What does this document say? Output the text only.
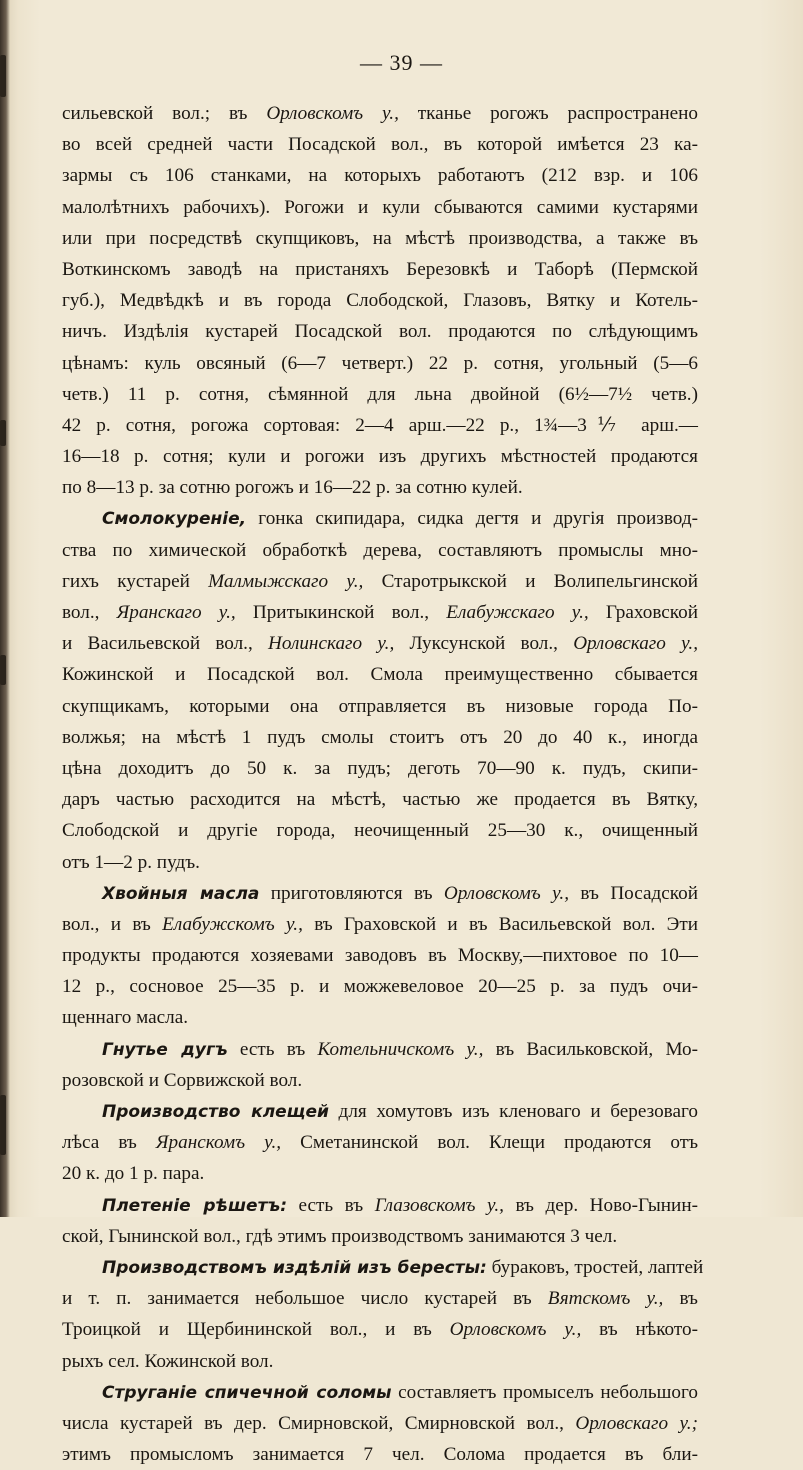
— 39 —
сильевской вол.; въ Орловскомъ у., тканье рогожъ распространено
во всей средней части Посадской вол., въ которой имѣется 23 ка-
зармы съ 106 станками, на которыхъ работаютъ (212 взр. и 106
малолѣтнихъ рабочихъ). Рогожи и кули сбываются самими кустарями
или при посредствѣ скупщиковъ, на мѣстѣ производства, а также въ
Воткинскомъ заводѣ на пристаняхъ Березовкѣ и Таборѣ (Пермской
губ.), Медвѣдкѣ и въ города Слободской, Глазовъ, Вятку и Котель-
ничъ. Издѣлія кустарей Посадской вол. продаются по слѣдующимъ
цѣнамъ: куль овсяный (6—7 четверт.) 22 р. сотня, угольный (5—6
четв.) 11 р. сотня, сѣмянной для льна двойной (6½—7½ четв.)
42 р. сотня, рогожа сортовая: 2—4 арш.—22 р., 1¾—3⅐ арш.—
16—18 р. сотня; кули и рогожи изъ другихъ мѣстностей продаются
по 8—13 р. за сотню рогожъ и 16—22 р. за сотню кулей.
Смолокуреніе, гонка скипидара, сидка дегтя и другія производ-
ства по химической обработкѣ дерева, составляютъ промыслы мно-
гихъ кустарей Малмыжскаго у., Старотрыкской и Волипельгинской
вол., Яранскаго у., Притыкинской вол., Елабужскаго у., Граховской
и Васильевской вол., Нолинскаго у., Луксунской вол., Орловскаго у.,
Кожинской и Посадской вол. Смола преимущественно сбывается
скупщикамъ, которыми она отправляется въ низовые города По-
волжья; на мѣстѣ 1 пудъ смолы стоитъ отъ 20 до 40 к., иногда
цѣна доходитъ до 50 к. за пудъ; деготь 70—90 к. пудъ, скипи-
даръ частью расходится на мѣстѣ, частью же продается въ Вятку,
Слободской и другіе города, неочищенный 25—30 к., очищенный
отъ 1—2 р. пудъ.
Хвойныя масла приготовляются въ Орловскомъ у., въ Посадской
вол., и въ Елабужскомъ у., въ Граховской и въ Васильевской вол. Эти
продукты продаются хозяевами заводовъ въ Москву,—пихтовое по 10—
12 р., сосновое 25—35 р. и можжевеловое 20—25 р. за пудъ очи-
щеннаго масла.
Гнутье дугъ есть въ Котельничскомъ у., въ Васильковской, Мо-
розовской и Сорвижской вол.
Производство клещей для хомутовъ изъ кленоваго и березоваго
лѣса въ Яранскомъ у., Сметанинской вол. Клещи продаются отъ
20 к. до 1 р. пара.
Плетеніе рѣшетъ: есть въ Глазовскомъ у., въ дер. Ново-Гынин-
ской, Гынинской вол., гдѣ этимъ производствомъ занимаются 3 чел.
Производствомъ издѣлій изъ бересты: бураковъ, тростей, лаптей
и т. п. занимается небольшое число кустарей въ Вятскомъ у., въ
Троицкой и Щербининской вол., и въ Орловскомъ у., въ нѣкото-
рыхъ сел. Кожинской вол.
Струганіе спичечной соломы составляетъ промыселъ небольшого
числа кустарей въ дер. Смирновской, Смирновской вол., Орловскаго у.;
этимъ промысломъ занимается 7 чел. Солома продается въ бли-
